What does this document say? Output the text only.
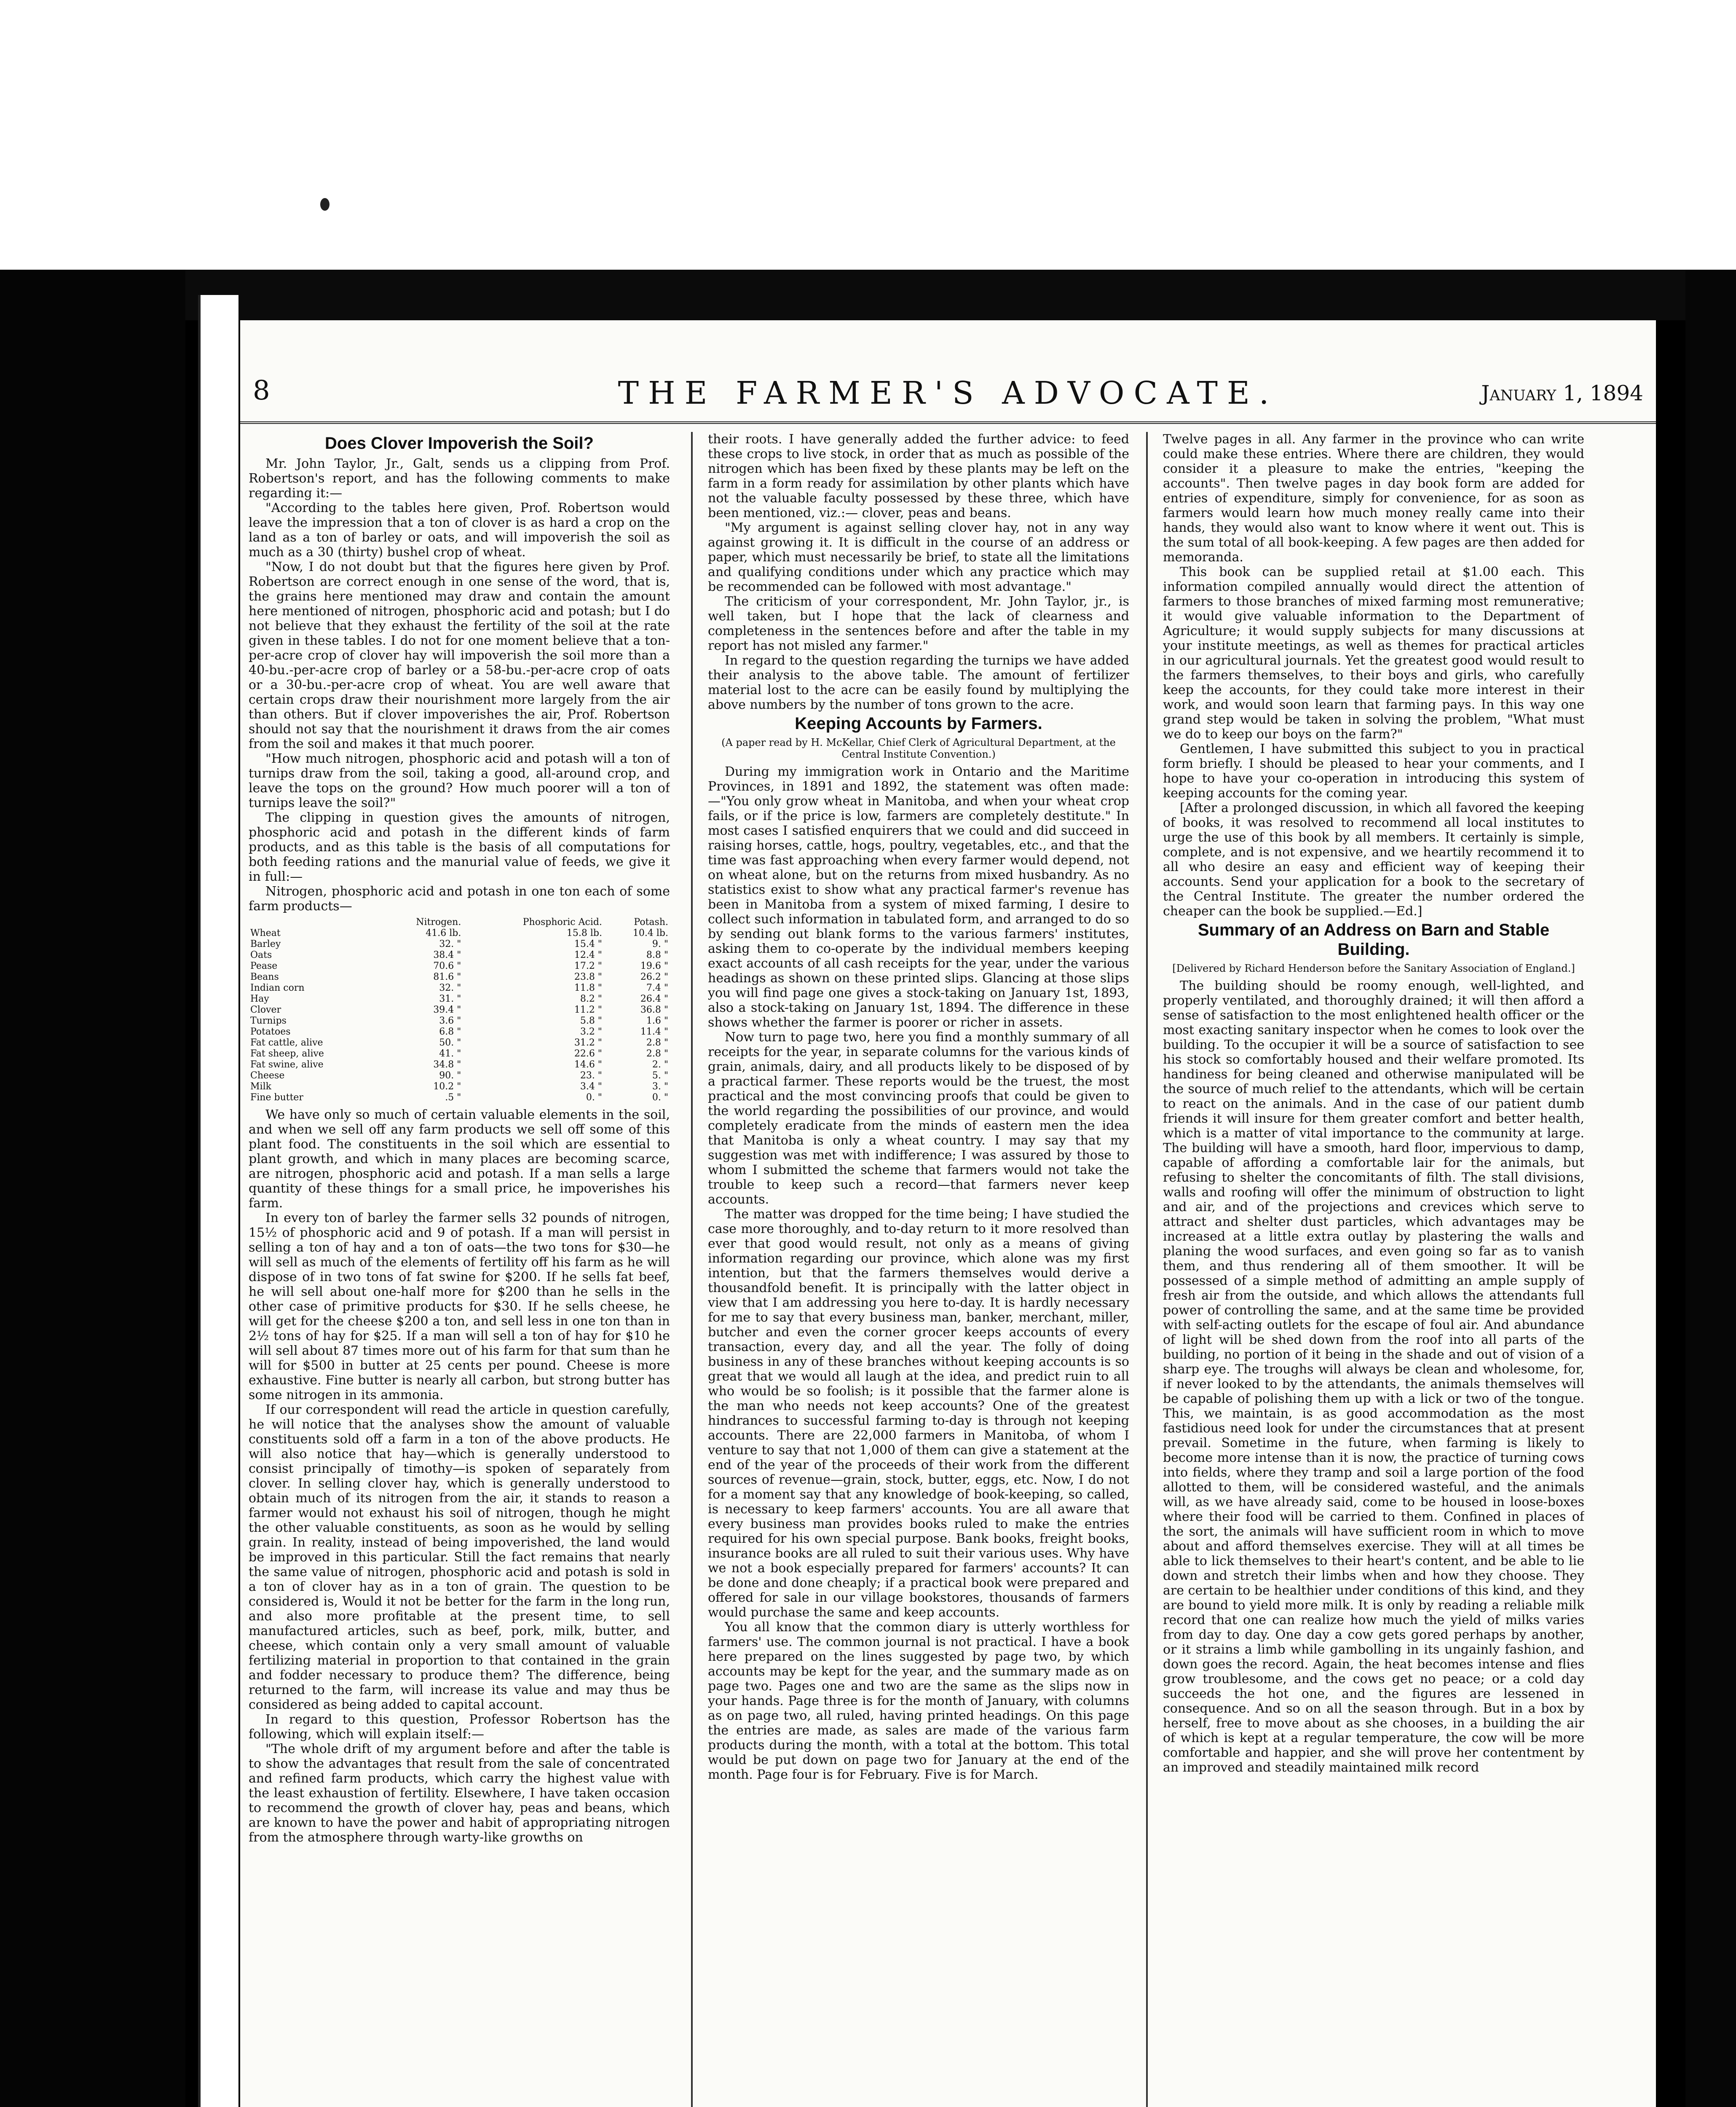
8	THE FARMER'S ADVOCATE.	January 1, 1894
Does Clover Impoverish the Soil?

Mr. John Taylor, Jr., Galt, sends us a clipping from Prof. Robertson's report, and has the following comments to make regarding it:—

"According to the tables here given, Prof. Robertson would leave the impression that a ton of clover is as hard a crop on the land as a ton of barley or oats, and will impoverish the soil as much as a 30 (thirty) bushel crop of wheat.

"Now, I do not doubt but that the figures here given by Prof. Robertson are correct enough in one sense of the word, that is, the grains here mentioned may draw and contain the amount here mentioned of nitrogen, phosphoric acid and potash; but I do not believe that they exhaust the fertility of the soil at the rate given in these tables. I do not for one moment believe that a ton-per-acre crop of clover hay will impoverish the soil more than a 40-bu.-per-acre crop of barley or a 58-bu.-per-acre crop of oats or a 30-bu.-per-acre crop of wheat. You are well aware that certain crops draw their nourishment more largely from the air than others. But if clover impoverishes the air, Prof. Robertson should not say that the nourishment it draws from the air comes from the soil and makes it that much poorer.

"How much nitrogen, phosphoric acid and potash will a ton of turnips draw from the soil, taking a good, all-around crop, and leave the tops on the ground? How much poorer will a ton of turnips leave the soil?"

The clipping in question gives the amounts of nitrogen, phosphoric acid and potash in the different kinds of farm products, and as this table is the basis of all computations for both feeding rations and the manurial value of feeds, we give it in full:—

Nitrogen, phosphoric acid and potash in one ton each of some farm products—

	Nitrogen.	Phosphoric Acid.	Potash.
Wheat	41.6 lb.	15.8 lb.	10.4 lb.
Barley	32. "	15.4 "	9. "
Oats	38.4 "	12.4 "	8.8 "
Pease	70.6 "	17.2 "	19.6 "
Beans	81.6 "	23.8 "	26.2 "
Indian corn	32. "	11.8 "	7.4 "
Hay	31. "	8.2 "	26.4 "
Clover	39.4 "	11.2 "	36.8 "
Turnips	3.6 "	5.8 "	1.6 "
Potatoes	6.8 "	3.2 "	11.4 "
Fat cattle, alive	50. "	31.2 "	2.8 "
Fat sheep, alive	41. "	22.6 "	2.8 "
Fat swine, alive	34.8 "	14.6 "	2. "
Cheese	90. "	23. "	5. "
Milk	10.2 "	3.4 "	3. "
Fine butter	.5 "	0. "	0. "

We have only so much of certain valuable elements in the soil, and when we sell off any farm products we sell off some of this plant food. The constituents in the soil which are essential to plant growth, and which in many places are becoming scarce, are nitrogen, phosphoric acid and potash. If a man sells a large quantity of these things for a small price, he impoverishes his farm.

In every ton of barley the farmer sells 32 pounds of nitrogen, 15½ of phosphoric acid and 9 of potash. If a man will persist in selling a ton of hay and a ton of oats—the two tons for $30—he will sell as much of the elements of fertility off his farm as he will dispose of in two tons of fat swine for $200. If he sells fat beef, he will sell about one-half more for $200 than he sells in the other case of primitive products for $30. If he sells cheese, he will get for the cheese $200 a ton, and sell less in one ton than in 2½ tons of hay for $25. If a man will sell a ton of hay for $10 he will sell about 87 times more out of his farm for that sum than he will for $500 in butter at 25 cents per pound. Cheese is more exhaustive. Fine butter is nearly all carbon, but strong butter has some nitrogen in its ammonia.

If our correspondent will read the article in question carefully, he will notice that the analyses show the amount of valuable constituents sold off a farm in a ton of the above products. He will also notice that hay—which is generally understood to consist principally of timothy—is spoken of separately from clover. In selling clover hay, which is generally understood to obtain much of its nitrogen from the air, it stands to reason a farmer would not exhaust his soil of nitrogen, though he might the other valuable constituents, as soon as he would by selling grain. In reality, instead of being impoverished, the land would be improved in this particular. Still the fact remains that nearly the same value of nitrogen, phosphoric acid and potash is sold in a ton of clover hay as in a ton of grain. The question to be considered is, Would it not be better for the farm in the long run, and also more profitable at the present time, to sell manufactured articles, such as beef, pork, milk, butter, and cheese, which contain only a very small amount of valuable fertilizing material in proportion to that contained in the grain and fodder necessary to produce them? The difference, being returned to the farm, will increase its value and may thus be considered as being added to capital account.

In regard to this question, Professor Robertson has the following, which will explain itself:—

"The whole drift of my argument before and after the table is to show the advantages that result from the sale of concentrated and refined farm products, which carry the highest value with the least exhaustion of fertility. Elsewhere, I have taken occasion to recommend the growth of clover hay, peas and beans, which are known to have the power and habit of appropriating nitrogen from the atmosphere through warty-like growths on

their roots. I have generally added the further advice: to feed these crops to live stock, in order that as much as possible of the nitrogen which has been fixed by these plants may be left on the farm in a form ready for assimilation by other plants which have not the valuable faculty possessed by these three, which have been mentioned, viz.:— clover, peas and beans.

"My argument is against selling clover hay, not in any way against growing it. It is difficult in the course of an address or paper, which must necessarily be brief, to state all the limitations and qualifying conditions under which any practice which may be recommended can be followed with most advantage."

The criticism of your correspondent, Mr. John Taylor, jr., is well taken, but I hope that the lack of clearness and completeness in the sentences before and after the table in my report has not misled any farmer."

In regard to the question regarding the turnips we have added their analysis to the above table. The amount of fertilizer material lost to the acre can be easily found by multiplying the above numbers by the number of tons grown to the acre.

Keeping Accounts by Farmers.

(A paper read by H. McKellar, Chief Clerk of Agricultural Department, at the Central Institute Convention.)

During my immigration work in Ontario and the Maritime Provinces, in 1891 and 1892, the statement was often made:—"You only grow wheat in Manitoba, and when your wheat crop fails, or if the price is low, farmers are completely destitute." In most cases I satisfied enquirers that we could and did succeed in raising horses, cattle, hogs, poultry, vegetables, etc., and that the time was fast approaching when every farmer would depend, not on wheat alone, but on the returns from mixed husbandry. As no statistics exist to show what any practical farmer's revenue has been in Manitoba from a system of mixed farming, I desire to collect such information in tabulated form, and arranged to do so by sending out blank forms to the various farmers' institutes, asking them to co-operate by the individual members keeping exact accounts of all cash receipts for the year, under the various headings as shown on these printed slips. Glancing at those slips you will find page one gives a stock-taking on January 1st, 1893, also a stock-taking on January 1st, 1894. The difference in these shows whether the farmer is poorer or richer in assets.

Now turn to page two, here you find a monthly summary of all receipts for the year, in separate columns for the various kinds of grain, animals, dairy, and all products likely to be disposed of by a practical farmer. These reports would be the truest, the most practical and the most convincing proofs that could be given to the world regarding the possibilities of our province, and would completely eradicate from the minds of eastern men the idea that Manitoba is only a wheat country. I may say that my suggestion was met with indifference; I was assured by those to whom I submitted the scheme that farmers would not take the trouble to keep such a record—that farmers never keep accounts.

The matter was dropped for the time being; I have studied the case more thoroughly, and to-day return to it more resolved than ever that good would result, not only as a means of giving information regarding our province, which alone was my first intention, but that the farmers themselves would derive a thousandfold benefit. It is principally with the latter object in view that I am addressing you here to-day. It is hardly necessary for me to say that every business man, banker, merchant, miller, butcher and even the corner grocer keeps accounts of every transaction, every day, and all the year. The folly of doing business in any of these branches without keeping accounts is so great that we would all laugh at the idea, and predict ruin to all who would be so foolish; is it possible that the farmer alone is the man who needs not keep accounts? One of the greatest hindrances to successful farming to-day is through not keeping accounts. There are 22,000 farmers in Manitoba, of whom I venture to say that not 1,000 of them can give a statement at the end of the year of the proceeds of their work from the different sources of revenue—grain, stock, butter, eggs, etc. Now, I do not for a moment say that any knowledge of book-keeping, so called, is necessary to keep farmers' accounts. You are all aware that every business man provides books ruled to make the entries required for his own special purpose. Bank books, freight books, insurance books are all ruled to suit their various uses. Why have we not a book especially prepared for farmers' accounts? It can be done and done cheaply; if a practical book were prepared and offered for sale in our village bookstores, thousands of farmers would purchase the same and keep accounts.

You all know that the common diary is utterly worthless for farmers' use. The common journal is not practical. I have a book here prepared on the lines suggested by page two, by which accounts may be kept for the year, and the summary made as on page two. Pages one and two are the same as the slips now in your hands. Page three is for the month of January, with columns as on page two, all ruled, having printed headings. On this page the entries are made, as sales are made of the various farm products during the month, with a total at the bottom. This total would be put down on page two for January at the end of the month. Page four is for February. Five is for March.

Twelve pages in all. Any farmer in the province who can write could make these entries. Where there are children, they would consider it a pleasure to make the entries, "keeping the accounts". Then twelve pages in day book form are added for entries of expenditure, simply for convenience, for as soon as farmers would learn how much money really came into their hands, they would also want to know where it went out. This is the sum total of all book-keeping. A few pages are then added for memoranda.

This book can be supplied retail at $1.00 each. This information compiled annually would direct the attention of farmers to those branches of mixed farming most remunerative; it would give valuable information to the Department of Agriculture; it would supply subjects for many discussions at your institute meetings, as well as themes for practical articles in our agricultural journals. Yet the greatest good would result to the farmers themselves, to their boys and girls, who carefully keep the accounts, for they could take more interest in their work, and would soon learn that farming pays. In this way one grand step would be taken in solving the problem, "What must we do to keep our boys on the farm?"

Gentlemen, I have submitted this subject to you in practical form briefly. I should be pleased to hear your comments, and I hope to have your co-operation in introducing this system of keeping accounts for the coming year.

[After a prolonged discussion, in which all favored the keeping of books, it was resolved to recommend all local institutes to urge the use of this book by all members. It certainly is simple, complete, and is not expensive, and we heartily recommend it to all who desire an easy and efficient way of keeping their accounts. Send your application for a book to the secretary of the Central Institute. The greater the number ordered the cheaper can the book be supplied.—Ed.]

Summary of an Address on Barn and Stable Building.

[Delivered by Richard Henderson before the Sanitary Association of England.]

The building should be roomy enough, well-lighted, and properly ventilated, and thoroughly drained; it will then afford a sense of satisfaction to the most enlightened health officer or the most exacting sanitary inspector when he comes to look over the building. To the occupier it will be a source of satisfaction to see his stock so comfortably housed and their welfare promoted. Its handiness for being cleaned and otherwise manipulated will be the source of much relief to the attendants, which will be certain to react on the animals. And in the case of our patient dumb friends it will insure for them greater comfort and better health, which is a matter of vital importance to the community at large. The building will have a smooth, hard floor, impervious to damp, capable of affording a comfortable lair for the animals, but refusing to shelter the concomitants of filth. The stall divisions, walls and roofing will offer the minimum of obstruction to light and air, and of the projections and crevices which serve to attract and shelter dust particles, which advantages may be increased at a little extra outlay by plastering the walls and planing the wood surfaces, and even going so far as to vanish them, and thus rendering all of them smoother. It will be possessed of a simple method of admitting an ample supply of fresh air from the outside, and which allows the attendants full power of controlling the same, and at the same time be provided with self-acting outlets for the escape of foul air. And abundance of light will be shed down from the roof into all parts of the building, no portion of it being in the shade and out of vision of a sharp eye. The troughs will always be clean and wholesome, for, if never looked to by the attendants, the animals themselves will be capable of polishing them up with a lick or two of the tongue. This, we maintain, is as good accommodation as the most fastidious need look for under the circumstances that at present prevail. Sometime in the future, when farming is likely to become more intense than it is now, the practice of turning cows into fields, where they tramp and soil a large portion of the food allotted to them, will be considered wasteful, and the animals will, as we have already said, come to be housed in loose-boxes where their food will be carried to them. Confined in places of the sort, the animals will have sufficient room in which to move about and afford themselves exercise. They will at all times be able to lick themselves to their heart's content, and be able to lie down and stretch their limbs when and how they choose. They are certain to be healthier under conditions of this kind, and they are bound to yield more milk. It is only by reading a reliable milk record that one can realize how much the yield of milks varies from day to day. One day a cow gets gored perhaps by another, or it strains a limb while gambolling in its ungainly fashion, and down goes the record. Again, the heat becomes intense and flies grow troublesome, and the cows get no peace; or a cold day succeeds the hot one, and the figures are lessened in consequence. And so on all the season through. But in a box by herself, free to move about as she chooses, in a building the air of which is kept at a regular temperature, the cow will be more comfortable and happier, and she will prove her contentment by an improved and steadily maintained milk record
